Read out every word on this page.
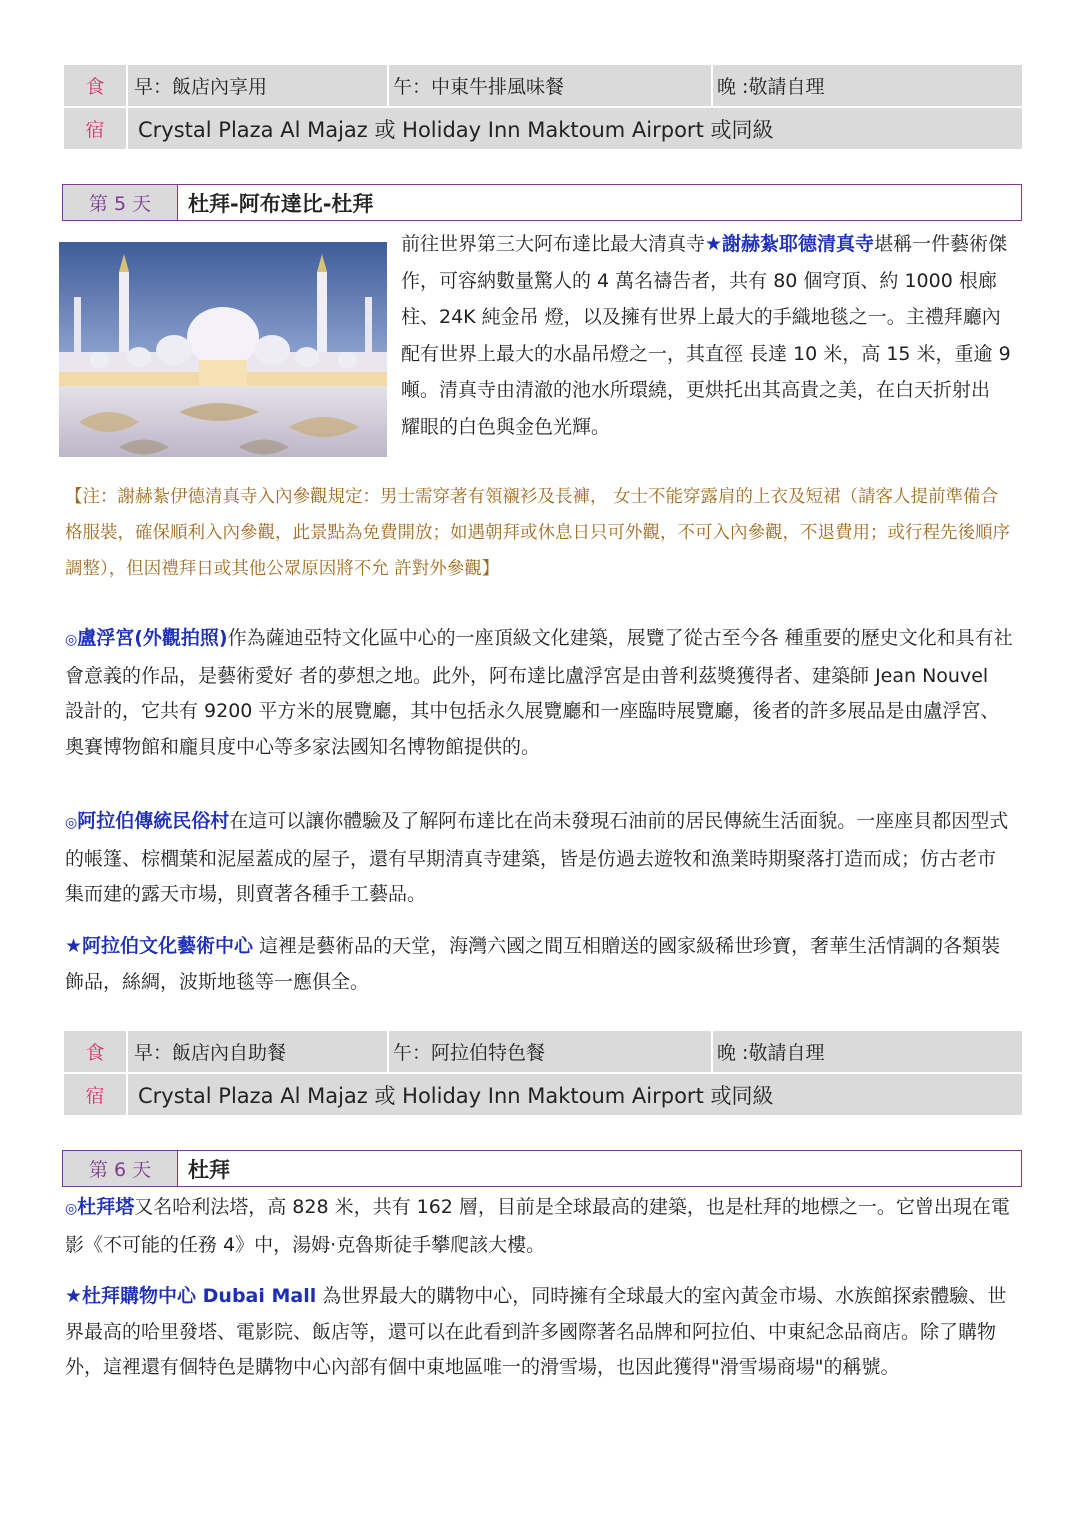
食	早：飯店內享用	午：中東牛排風味餐	晚 :敬請自理
宿	Crystal Plaza Al Majaz 或 Holiday Inn Maktoum Airport 或同級		
第 5 天	杜拜-阿布達比-杜拜
前往世界第三大阿布達比最大清真寺★謝赫紮耶德清真寺堪稱一件藝術傑作，可容納數量驚人的 4 萬名禱告者，共有 80 個穹頂、約 1000 根廊柱、24K 純金吊 燈，以及擁有世界上最大的手織地毯之一。主禮拜廳內配有世界上最大的水晶吊燈之一，其直徑 長達 10 米，高 15 米，重逾 9 噸。清真寺由清澈的池水所環繞，更烘托出其高貴之美，在白天折射出 耀眼的白色與金色光輝。
【注：謝赫紮伊德清真寺入內參觀規定：男士需穿著有領襯衫及長褲， 女士不能穿露肩的上衣及短裙（請客人提前準備合格服裝，確保順利入內參觀，此景點為免費開放；如遇朝拜或休息日只可外觀，不可入內參觀，不退費用；或行程先後順序調整），但因禮拜日或其他公眾原因將不允 許對外參觀】
◎盧浮宮(外觀拍照)作為薩迪亞特文化區中心的一座頂級文化建築，展覽了從古至今各 種重要的歷史文化和具有社會意義的作品，是藝術愛好 者的夢想之地。此外，阿布達比盧浮宮是由普利茲獎獲得者、建築師 Jean Nouvel 設計的，它共有 9200 平方米的展覽廳，其中包括永久展覽廳和一座臨時展覽廳，後者的許多展品是由盧浮宮、奧賽博物館和龐貝度中心等多家法國知名博物館提供的。
◎阿拉伯傳統民俗村在這可以讓你體驗及了解阿布達比在尚未發現石油前的居民傳統生活面貌。一座座貝都因型式的帳篷、棕櫚葉和泥屋蓋成的屋子，還有早期清真寺建築，皆是仿過去遊牧和漁業時期聚落打造而成；仿古老市集而建的露天市場，則賣著各種手工藝品。
★阿拉伯文化藝術中心 這裡是藝術品的天堂，海灣六國之間互相贈送的國家級稀世珍寶，奢華生活情調的各類裝飾品，絲綢，波斯地毯等一應俱全。
食	早：飯店內自助餐	午：阿拉伯特色餐	晚 :敬請自理
宿	Crystal Plaza Al Majaz 或 Holiday Inn Maktoum Airport 或同級		
第 6 天	杜拜
◎杜拜塔又名哈利法塔，高 828 米，共有 162 層，目前是全球最高的建築，也是杜拜的地標之一。它曾出現在電影《不可能的任務 4》中，湯姆·克魯斯徒手攀爬該大樓。
★杜拜購物中心 Dubai Mall 為世界最大的購物中心，同時擁有全球最大的室內黃金市場、水族館探索體驗、世界最高的哈里發塔、電影院、飯店等，還可以在此看到許多國際著名品牌和阿拉伯、中東紀念品商店。除了購物外，這裡還有個特色是購物中心內部有個中東地區唯一的滑雪場，也因此獲得"滑雪場商場"的稱號。
